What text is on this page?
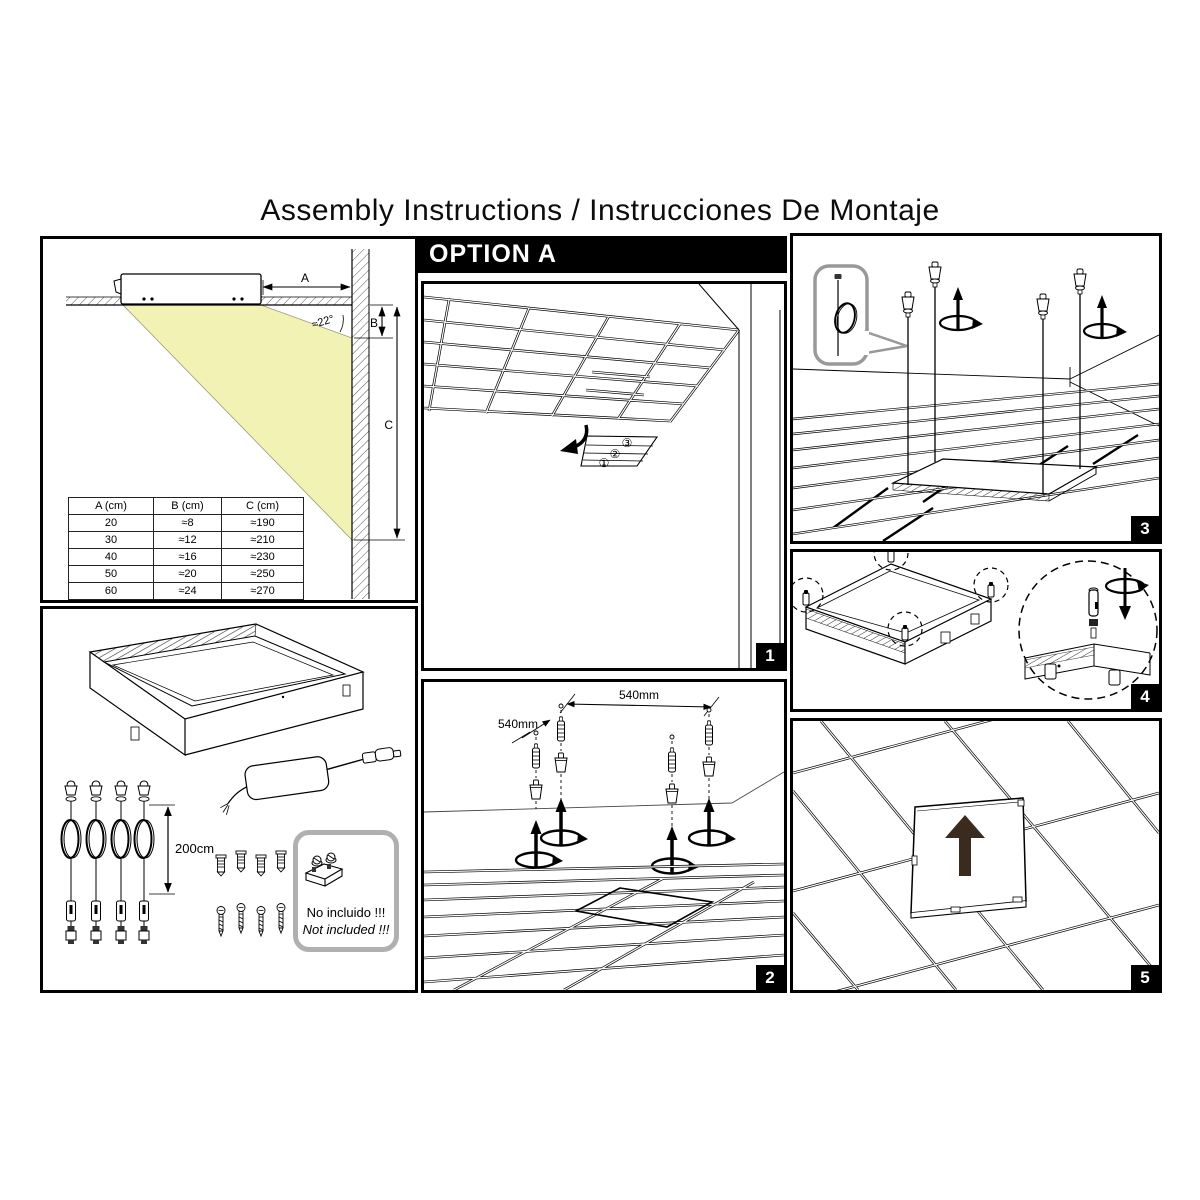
Assembly Instructions / Instrucciones De Montaje
A
≈22°	B
C
A (cm)	B (cm)	C (cm)
20	≈8	≈190
30	≈12	≈210
40	≈16	≈230
50	≈20	≈250
60	≈24	≈270
200cm
No incluido !!!
Not included !!!
OPTION A
③
②
①
1
540mm
540mm
2
3
4
5
